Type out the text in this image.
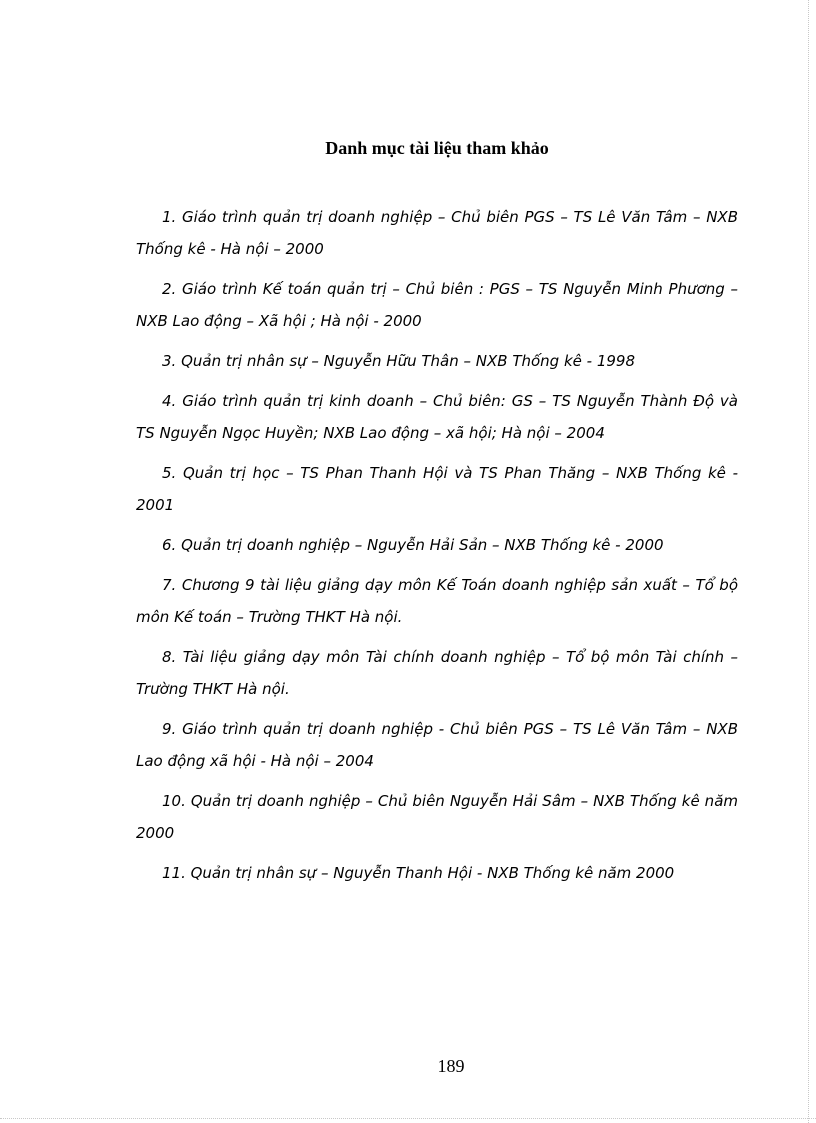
Danh mục tài liệu tham khảo
1. Giáo trình quản trị doanh nghiệp – Chủ biên PGS – TS Lê Văn Tâm – NXB Thống kê - Hà nội – 2000
2. Giáo trình Kế toán quản trị – Chủ biên : PGS – TS Nguyễn Minh Phương – NXB Lao động – Xã hội ; Hà nội - 2000
3. Quản trị nhân sự – Nguyễn Hữu Thân – NXB Thống kê - 1998
4. Giáo trình quản trị kinh doanh – Chủ biên: GS – TS Nguyễn Thành Độ và TS Nguyễn Ngọc Huyền; NXB Lao động – xã hội; Hà nội – 2004
5. Quản trị học – TS Phan Thanh Hội và TS Phan Thăng – NXB Thống kê - 2001
6. Quản trị doanh nghiệp – Nguyễn Hải Sản – NXB Thống kê - 2000
7. Chương 9 tài liệu giảng dạy môn Kế Toán doanh nghiệp sản xuất – Tổ bộ môn Kế toán – Trường THKT Hà nội.
8. Tài liệu giảng dạy môn Tài chính doanh nghiệp – Tổ bộ môn Tài chính – Trường THKT Hà nội.
9. Giáo trình quản trị doanh nghiệp - Chủ biên PGS – TS Lê Văn Tâm – NXB Lao động xã hội - Hà nội – 2004
10. Quản trị doanh nghiệp – Chủ biên Nguyễn Hải Sâm – NXB Thống kê năm 2000
11. Quản trị nhân sự – Nguyễn Thanh Hội - NXB Thống kê năm 2000
189
